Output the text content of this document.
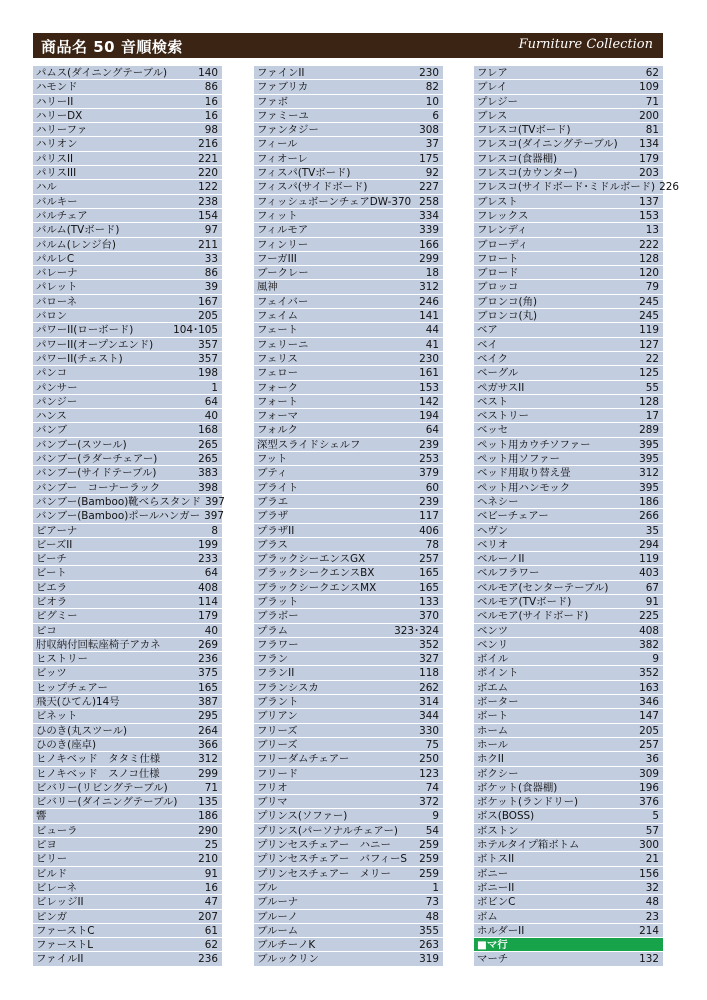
商品名 50 音順検索	Furniture Collection
パムス(ダイニングテーブル)	140
ハモンド	86
ハリーII	16
ハリーDX	16
ハリーファ	98
ハリオン	216
パリスII	221
パリスIII	220
ハル	122
バルキー	238
バルチェア	154
バルム(TVボード)	97
バルム(レンジ台)	211
パルレC	33
バレーナ	86
パレット	39
バローネ	167
バロン	205
パワーII(ローボード)	104･105
パワーII(オープンエンド)	357
パワーII(チェスト)	357
パンコ	198
パンサー	1
パンジー	64
ハンス	40
バンブ	168
バンブー(スツール)	265
バンブー(ラダーチェアー)	265
バンブー(サイドテーブル)	383
バンブー　コーナーラック	398
バンブー(Bamboo)靴べらスタンド 397
バンブー(Bamboo)ポールハンガー 397
ピアーナ	8
ビーズII	199
ビーチ	233
ビート	64
ビエラ	408
ビオラ	114
ピグミー	179
ピコ	40
肘収納付回転座椅子アカネ	269
ヒストリー	236
ビッツ	375
ヒップチェアー	165
飛天(ひてん)14号	387
ビネット	295
ひのき(丸スツール)	264
ひのき(座卓)	366
ヒノキベッド　タタミ仕様	312
ヒノキベッド　スノコ仕様	299
ビバリー(リビングテーブル)	71
ビバリー(ダイニングテーブル)	135
響	186
ビューラ	290
ピヨ	25
ビリー	210
ビルド	91
ビレーネ	16
ビレッジII	47
ピンガ	207
ファーストC	61
ファーストL	62
ファイルII	236
ファインII	230
ファブリカ	82
ファボ	10
ファミーユ	6
ファンタジー	308
フィール	37
フィオーレ	175
フィスパ(TVボード)	92
フィスパ(サイドボード)	227
フィッシュボーンチェアDW-370 258
フィット	334
フィルモア	339
フィンリー	166
フーガIII	299
ブークレー	18
風神	312
フェイバー	246
フェイム	141
フェート	44
フェリーニ	41
フェリス	230
フェロー	161
フォーク	153
フォート	142
フォーマ	194
フォルク	64
深型スライドシェルフ	239
フット	253
ブティ	379
ブライト	60
ブラエ	239
ブラザ	117
プラザII	406
ブラス	78
ブラックシーエンスGX	257
ブラックシークエンスBX	165
ブラックシークエンスMX	165
ブラット	133
ブラボー	370
プラム	323･324
フラワー	352
フラン	327
フランII	118
フランシスカ	262
ブラント	314
ブリアン	344
フリーズ	330
ブリーズ	75
フリーダムチェアー	250
フリード	123
フリオ	74
ブリマ	372
プリンス(ソファー)	9
プリンス(パーソナルチェアー)	54
プリンセスチェアー　ハニー	259
プリンセスチェアー　バフィーS	259
プリンセスチェアー　メリー	259
ブル	1
ブルーナ	73
ブルーノ	48
ブルーム	355
ブルチーノK	263
ブルックリン	319
フレア	62
ブレイ	109
プレジー	71
ブレス	200
フレスコ(TVボード)	81
フレスコ(ダイニングテーブル)	134
フレスコ(食器棚)	179
フレスコ(カウンター)	203
フレスコ(サイドボード･ミドルボード) 226
ブレスト	137
フレックス	153
フレンディ	13
ブローディ	222
フロート	128
ブロード	120
ブロッコ	79
ブロンコ(角)	245
ブロンコ(丸)	245
ベア	119
ベイ	127
ベイク	22
ベーグル	125
ペガサスII	55
ベスト	128
ベストリー	17
ベッセ	289
ペット用カウチソファー	395
ペット用ソファー	395
ベッド用取り替え畳	312
ペット用ハンモック	395
ヘネシー	186
ベビーチェアー	266
ヘヴン	35
ベリオ	294
ベルーノII	119
ベルフラワー	403
ベルモア(センターテーブル)	67
ベルモア(TVボード)	91
ベルモア(サイドボード)	225
ベンツ	408
ベンリ	382
ボイル	9
ポイント	352
ボエム	163
ボーター	346
ボート	147
ホーム	205
ホール	257
ホクII	36
ボクシー	309
ボケット(食器棚)	196
ボケット(ランドリー)	376
ボス(BOSS)	5
ボストン	57
ホテルタイプ箱ボトム	300
ボトスII	21
ボニー	156
ボニーII	32
ボビンC	48
ボム	23
ホルダーII	214
■マ行
マーチ	132
